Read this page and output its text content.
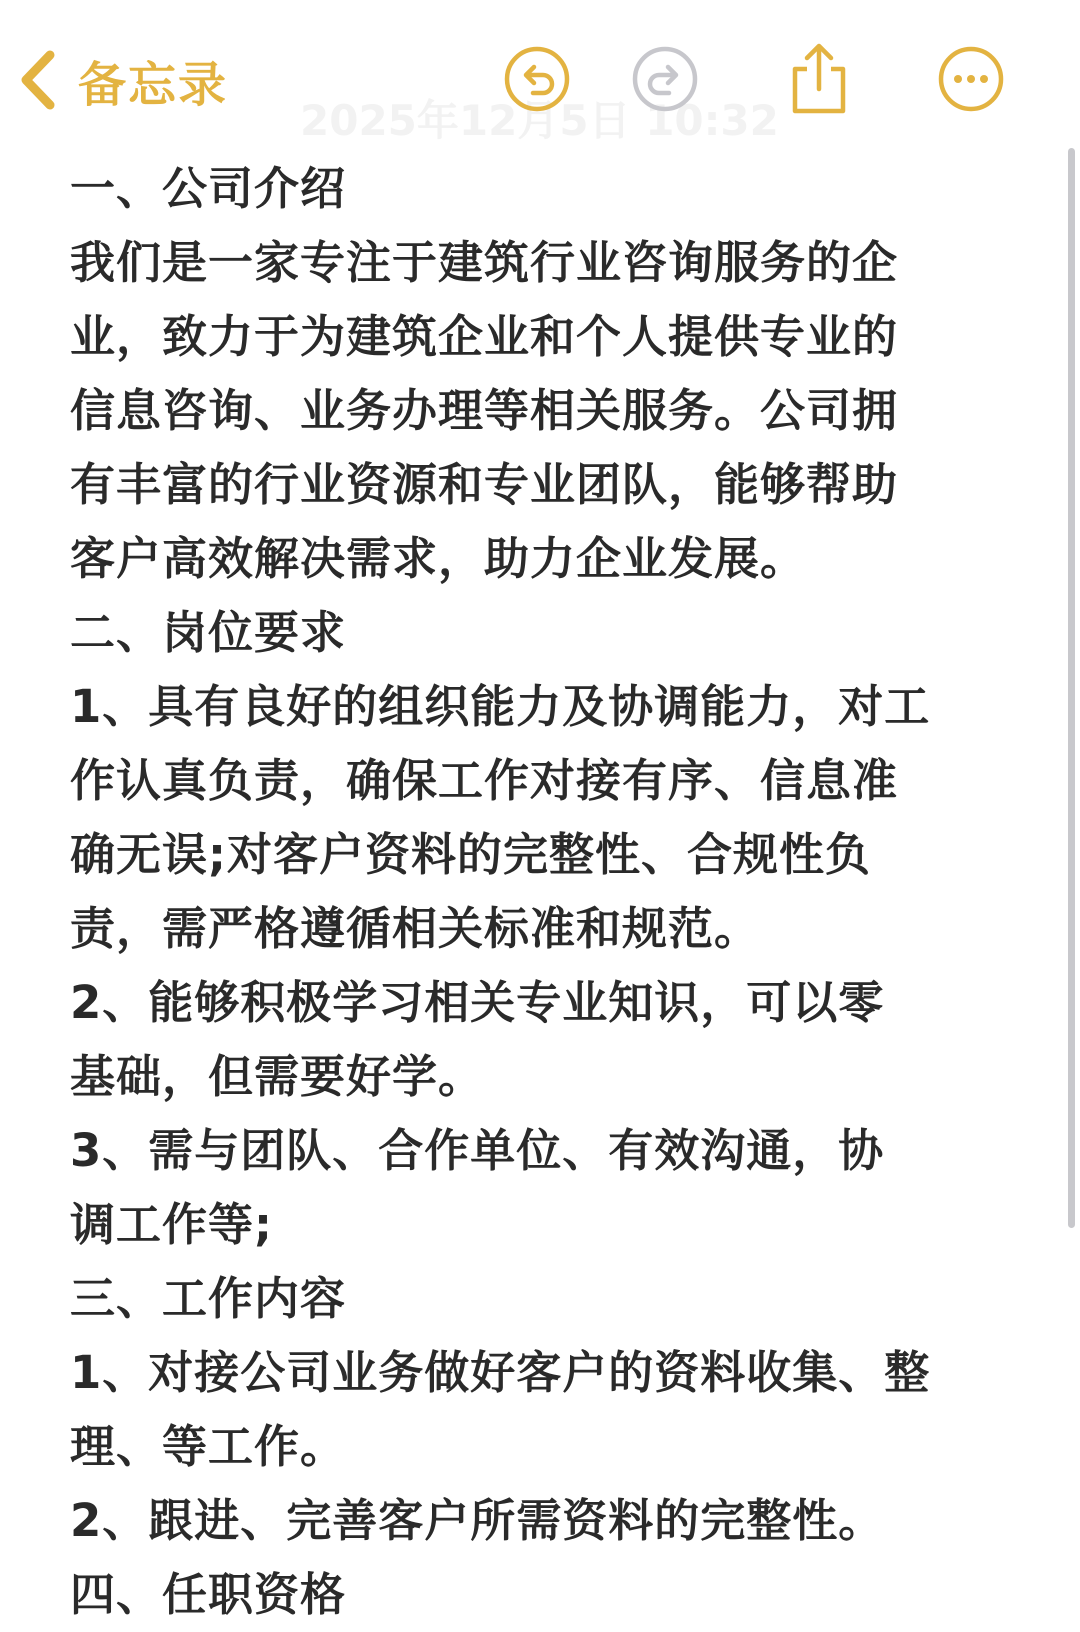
备忘录
2025年12月5日 10:32
一、公司介绍
我们是一家专注于建筑行业咨询服务的企
业，致力于为建筑企业和个人提供专业的
信息咨询、业务办理等相关服务。公司拥
有丰富的行业资源和专业团队，能够帮助
客户高效解决需求，助力企业发展。
二、岗位要求
1、具有良好的组织能力及协调能力，对工
作认真负责，确保工作对接有序、信息准
确无误;对客户资料的完整性、合规性负
责，需严格遵循相关标准和规范。
2、能够积极学习相关专业知识，可以零
基础，但需要好学。
3、需与团队、合作单位、有效沟通，协
调工作等;
三、工作内容
1、对接公司业务做好客户的资料收集、整
理、等工作。
2、跟进、完善客户所需资料的完整性。
四、任职资格
